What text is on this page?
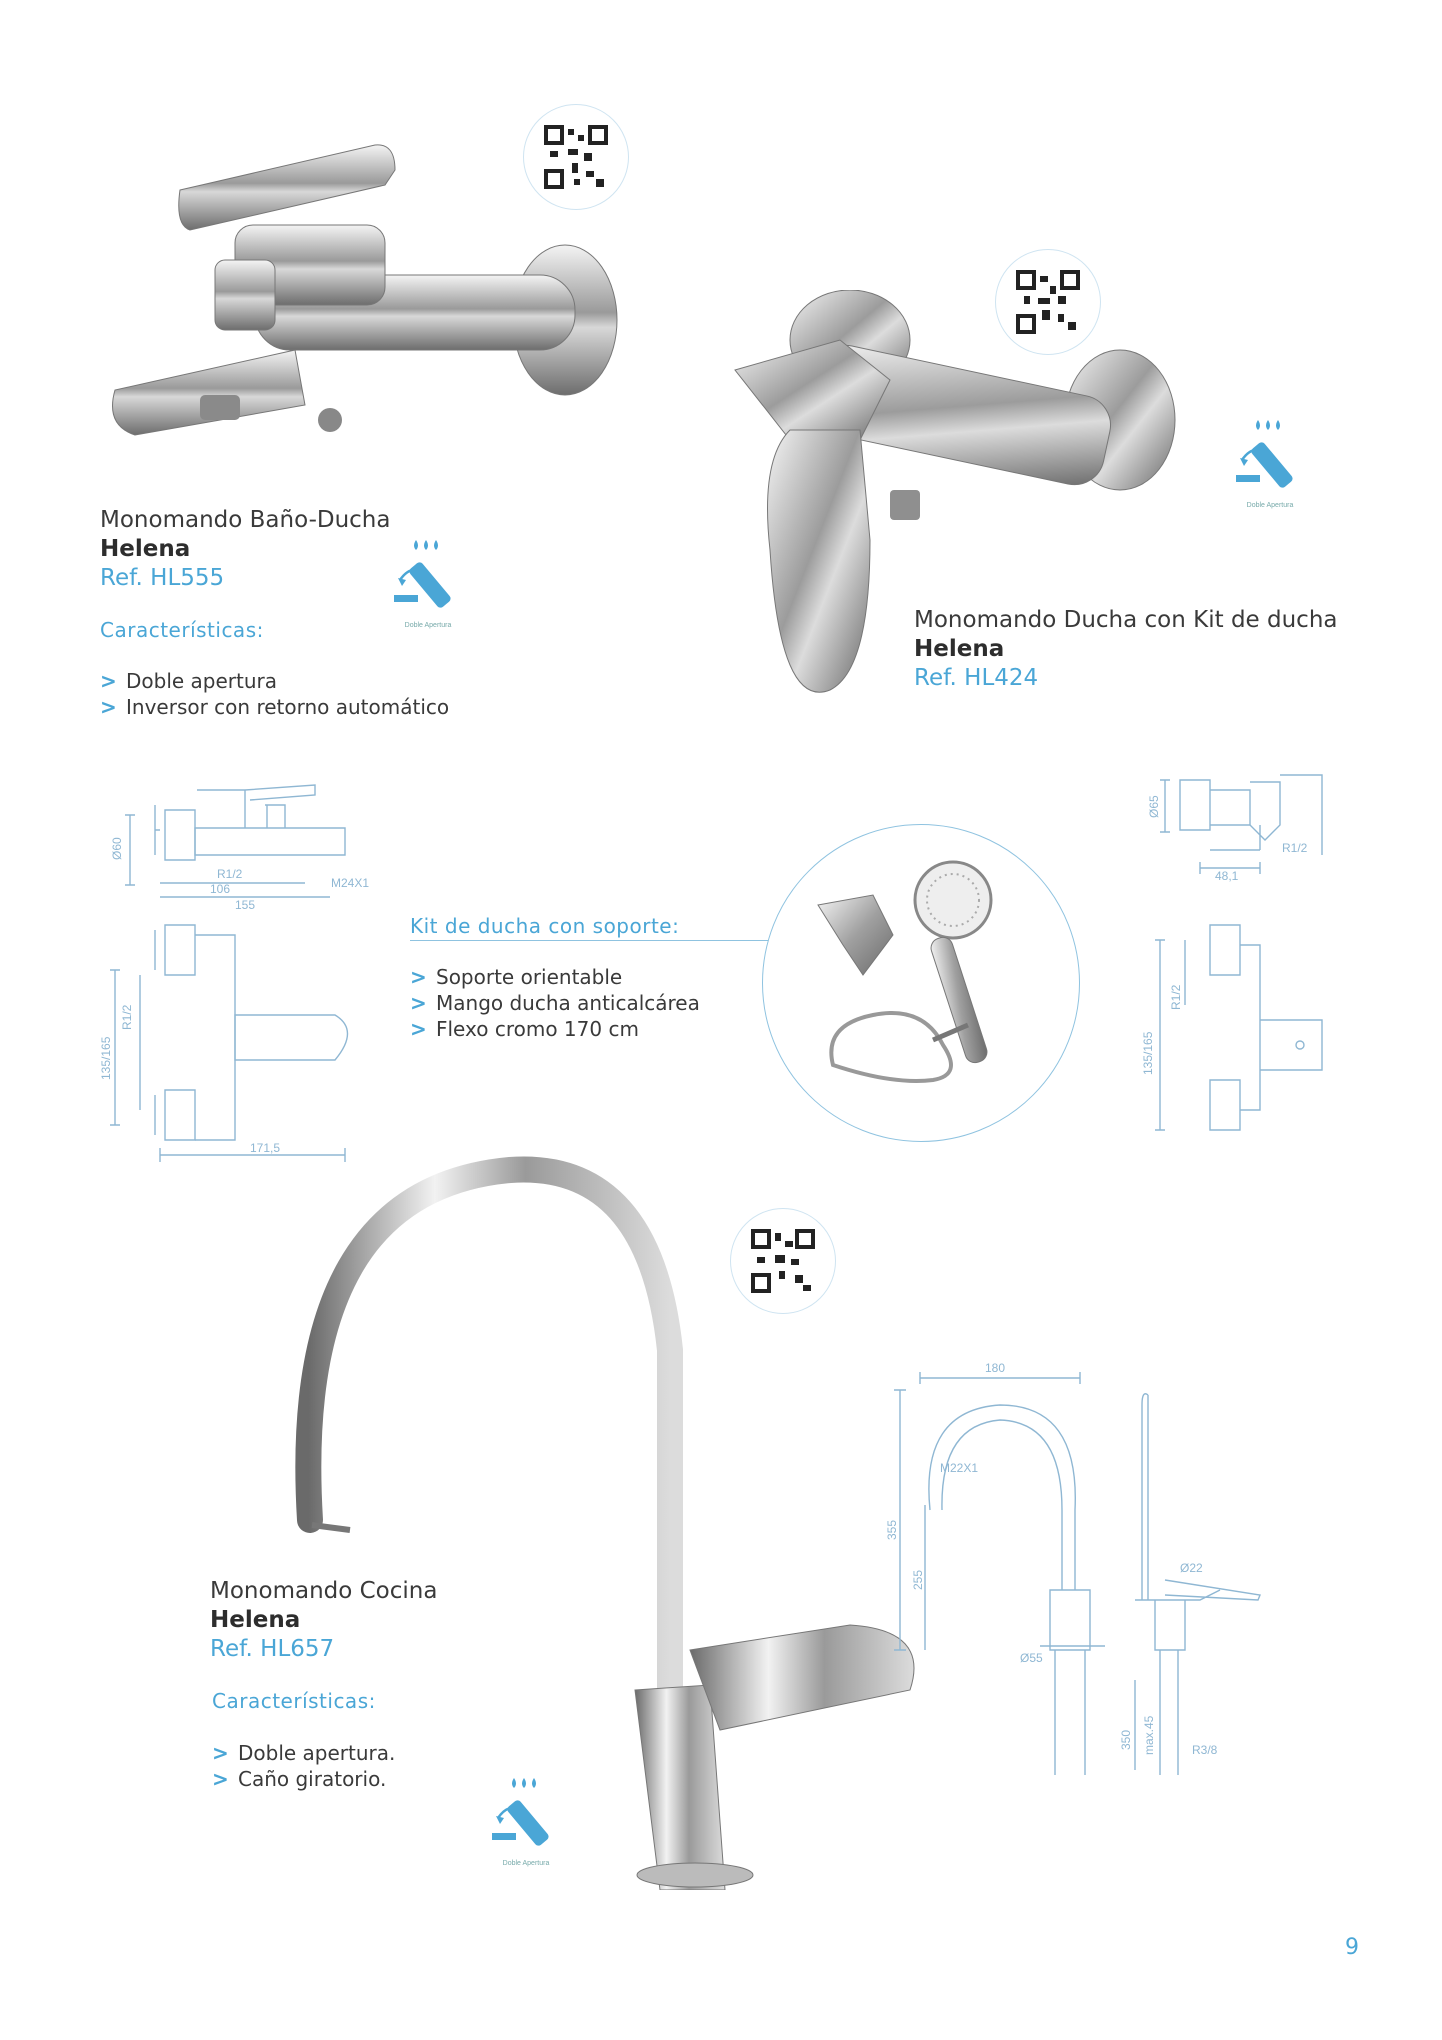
Monomando Baño-Ducha
Helena
Ref. HL555
Doble Apertura
Características:
> Doble apertura
> Inversor con retorno automático
Ø60
R1/2
106
155
M24X1
135/165
R1/2
171,5
Doble Apertura
Monomando Ducha con Kit de ducha
Helena
Ref. HL424
Kit de ducha con soporte:
> Soporte orientable
> Mango ducha anticalcárea
> Flexo cromo 170 cm
Ø65
R1/2
48,1
R1/2
135/165
Monomando Cocina
Helena
Ref. HL657
Características:
> Doble apertura.
> Caño giratorio.
Doble Apertura
180
M22X1
355
255
Ø22
Ø55
350 max.45	R3/8
9
